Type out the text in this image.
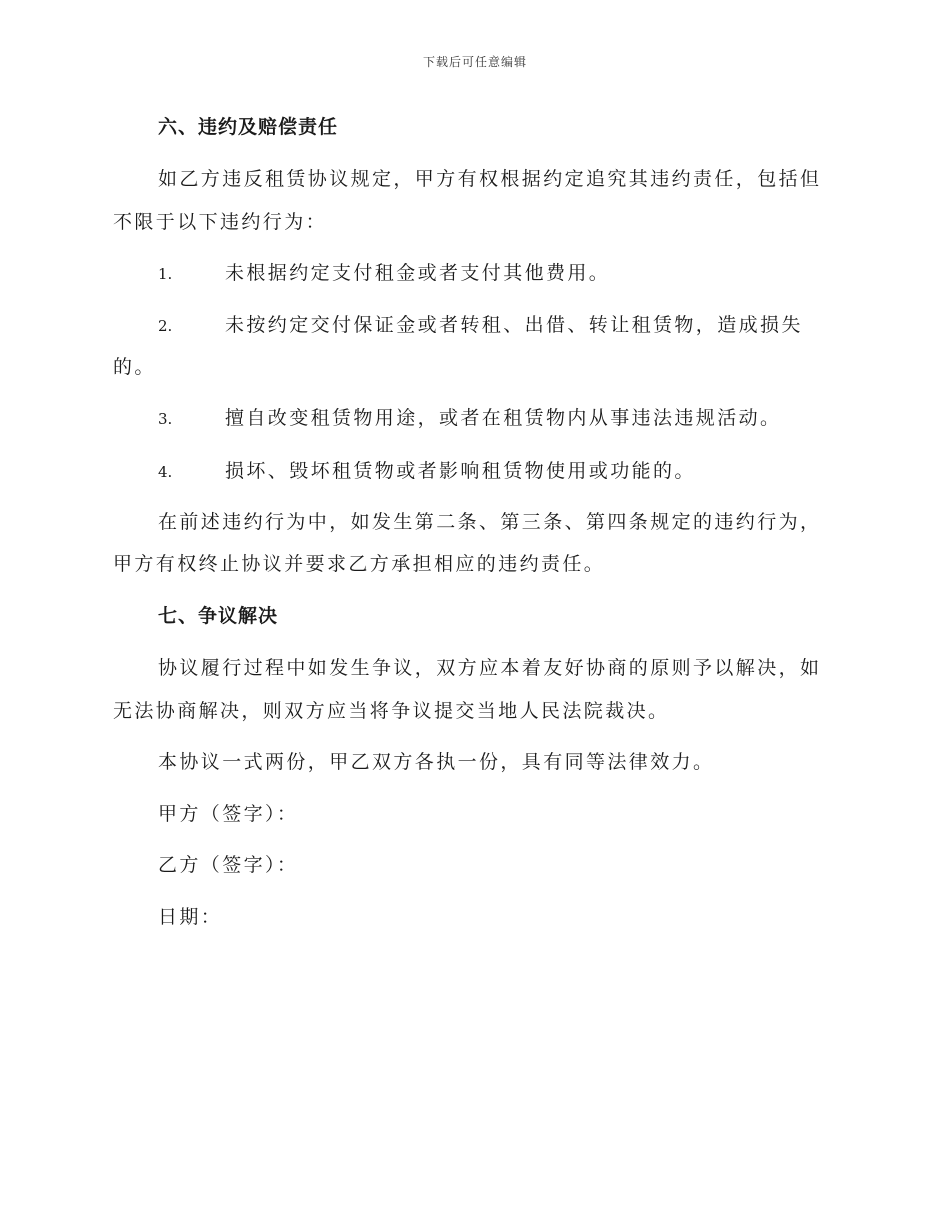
下载后可任意编辑

六、违约及赔偿责任

如乙方违反租赁协议规定，甲方有权根据约定追究其违约责任，包括但

不限于以下违约行为：

1.	未根据约定支付租金或者支付其他费用。

2.	未按约定交付保证金或者转租、出借、转让租赁物，造成损失

的。

3.	擅自改变租赁物用途，或者在租赁物内从事违法违规活动。

4.	损坏、毁坏租赁物或者影响租赁物使用或功能的。

在前述违约行为中，如发生第二条、第三条、第四条规定的违约行为，

甲方有权终止协议并要求乙方承担相应的违约责任。

七、争议解决

协议履行过程中如发生争议，双方应本着友好协商的原则予以解决，如

无法协商解决，则双方应当将争议提交当地人民法院裁决。

本协议一式两份，甲乙双方各执一份，具有同等法律效力。

甲方（签字）：

乙方（签字）：

日期：
